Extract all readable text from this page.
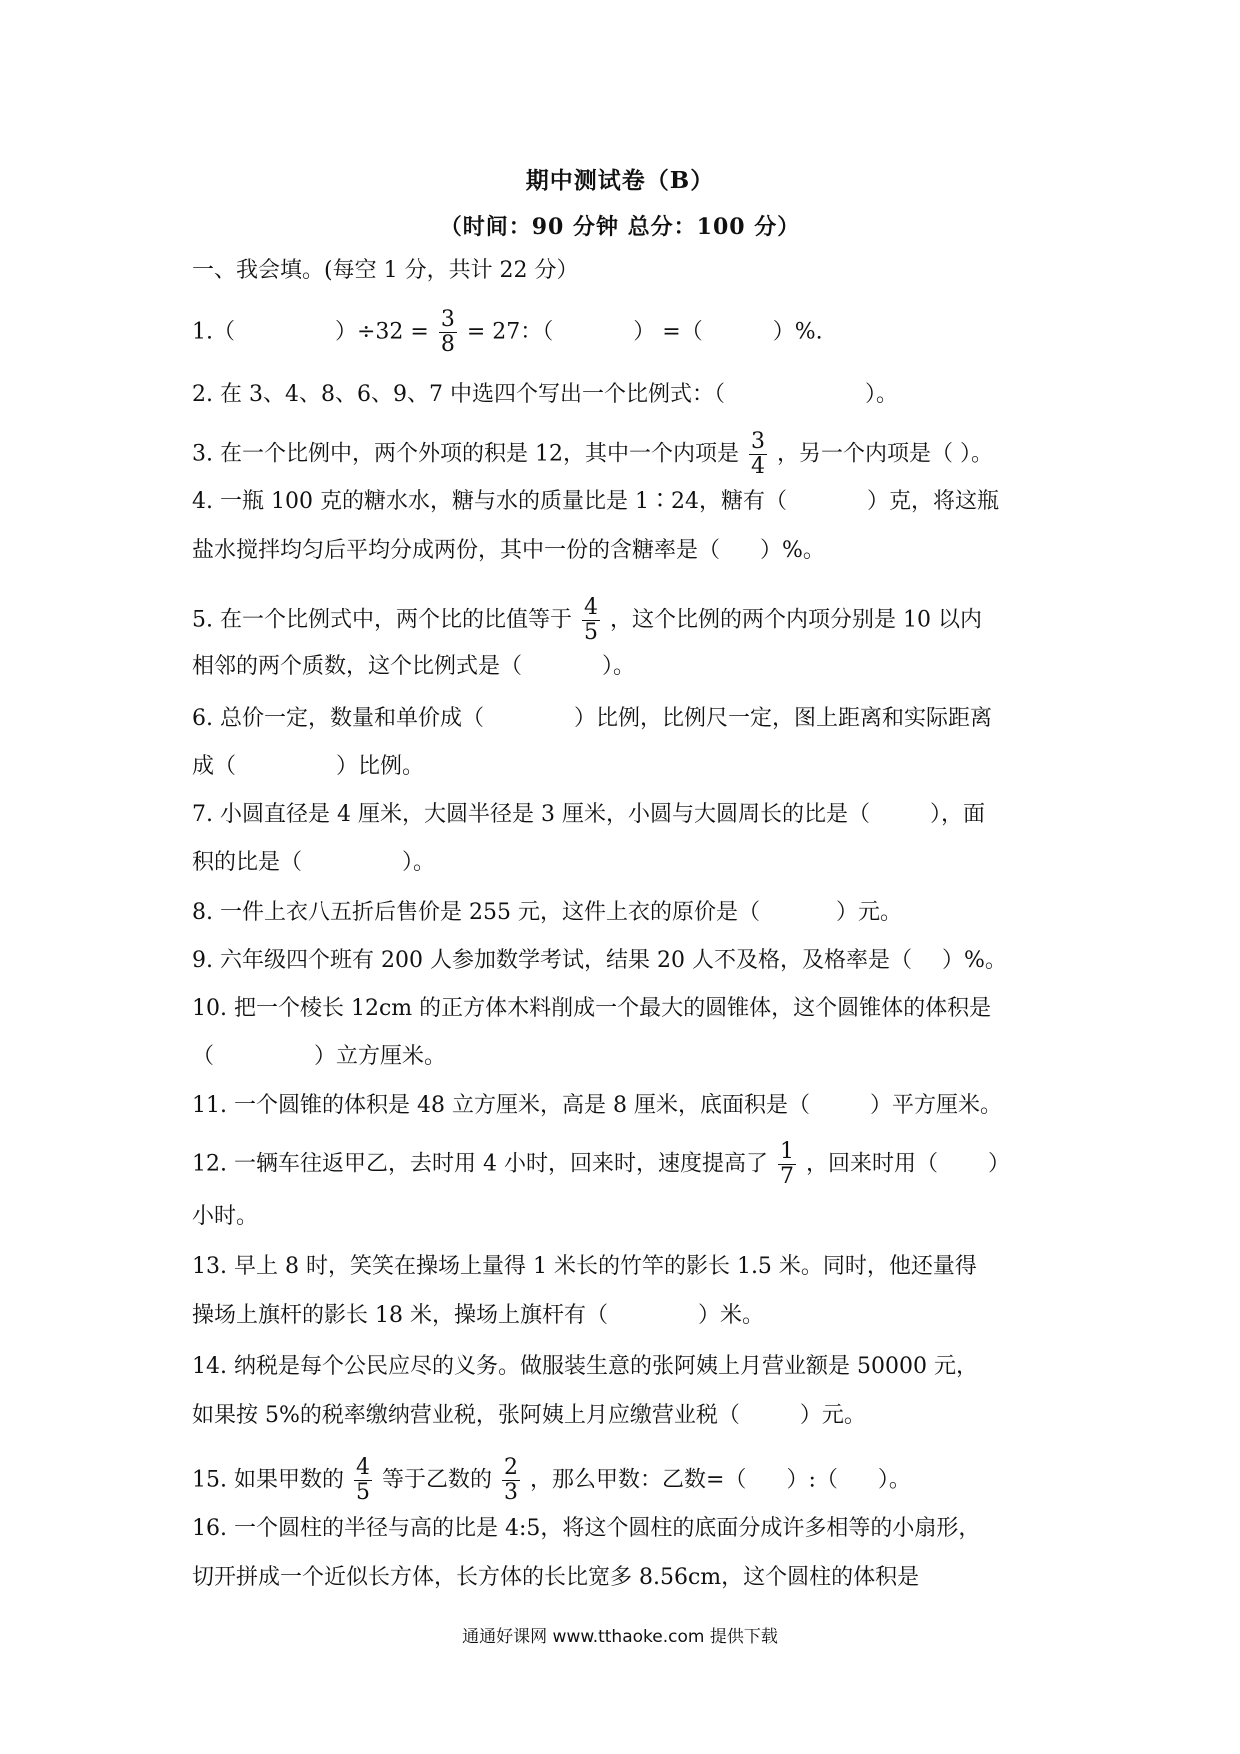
期中测试卷（B）
（时间：90 分钟 总分：100 分）
一、我会填。(每空 1 分，共计 22 分）
1.（	）$\div 32 = \frac{3}{8} = 27$：（	） =（	）%.
2. 在 3、4、8、6、9、7 中选四个写出一个比例式：（	）。
3. 在一个比例中，两个外项的积是 12，其中一个内项是 $\frac{3}{4}$ ，另一个内项是（ ）。
4. 一瓶 100 克的糖水水，糖与水的质量比是 1∶24，糖有（	）克，将这瓶
盐水搅拌均匀后平均分成两份，其中一份的含糖率是（ ）%。
5. 在一个比例式中，两个比的比值等于 $\frac{4}{5}$ ，这个比例的两个内项分别是 10 以内
相邻的两个质数，这个比例式是（	）。
6. 总价一定，数量和单价成（	）比例，比例尺一定，图上距离和实际距离
成（	）比例。
7. 小圆直径是 4 厘米，大圆半径是 3 厘米，小圆与大圆周长的比是（	），面
积的比是（	）。
8. 一件上衣八五折后售价是 255 元，这件上衣的原价是（	）元。
9. 六年级四个班有 200 人参加数学考试，结果 20 人不及格，及格率是（ ）%。
10. 把一个棱长 12cm 的正方体木料削成一个最大的圆锥体，这个圆锥体的体积是
（	）立方厘米。
11. 一个圆锥的体积是 48 立方厘米，高是 8 厘米，底面积是（	）平方厘米。
12. 一辆车往返甲乙，去时用 4 小时，回来时，速度提高了 $\frac{1}{7}$ ，回来时用（ ）
小时。
13. 早上 8 时，笑笑在操场上量得 1 米长的竹竿的影长 1.5 米。同时，他还量得
操场上旗杆的影长 18 米，操场上旗杆有（	）米。
14. 纳税是每个公民应尽的义务。做服装生意的张阿姨上月营业额是 50000 元，
如果按 5%的税率缴纳营业税，张阿姨上月应缴营业税（	）元。
15. 如果甲数的 $\frac{4}{5}$ 等于乙数的 $\frac{2}{3}$ ，那么甲数：乙数=（ ）:（ ）。
16. 一个圆柱的半径与高的比是 4:5，将这个圆柱的底面分成许多相等的小扇形，
切开拼成一个近似长方体，长方体的长比宽多 8.56cm，这个圆柱的体积是
通通好课网 www.tthaoke.com 提供下载
